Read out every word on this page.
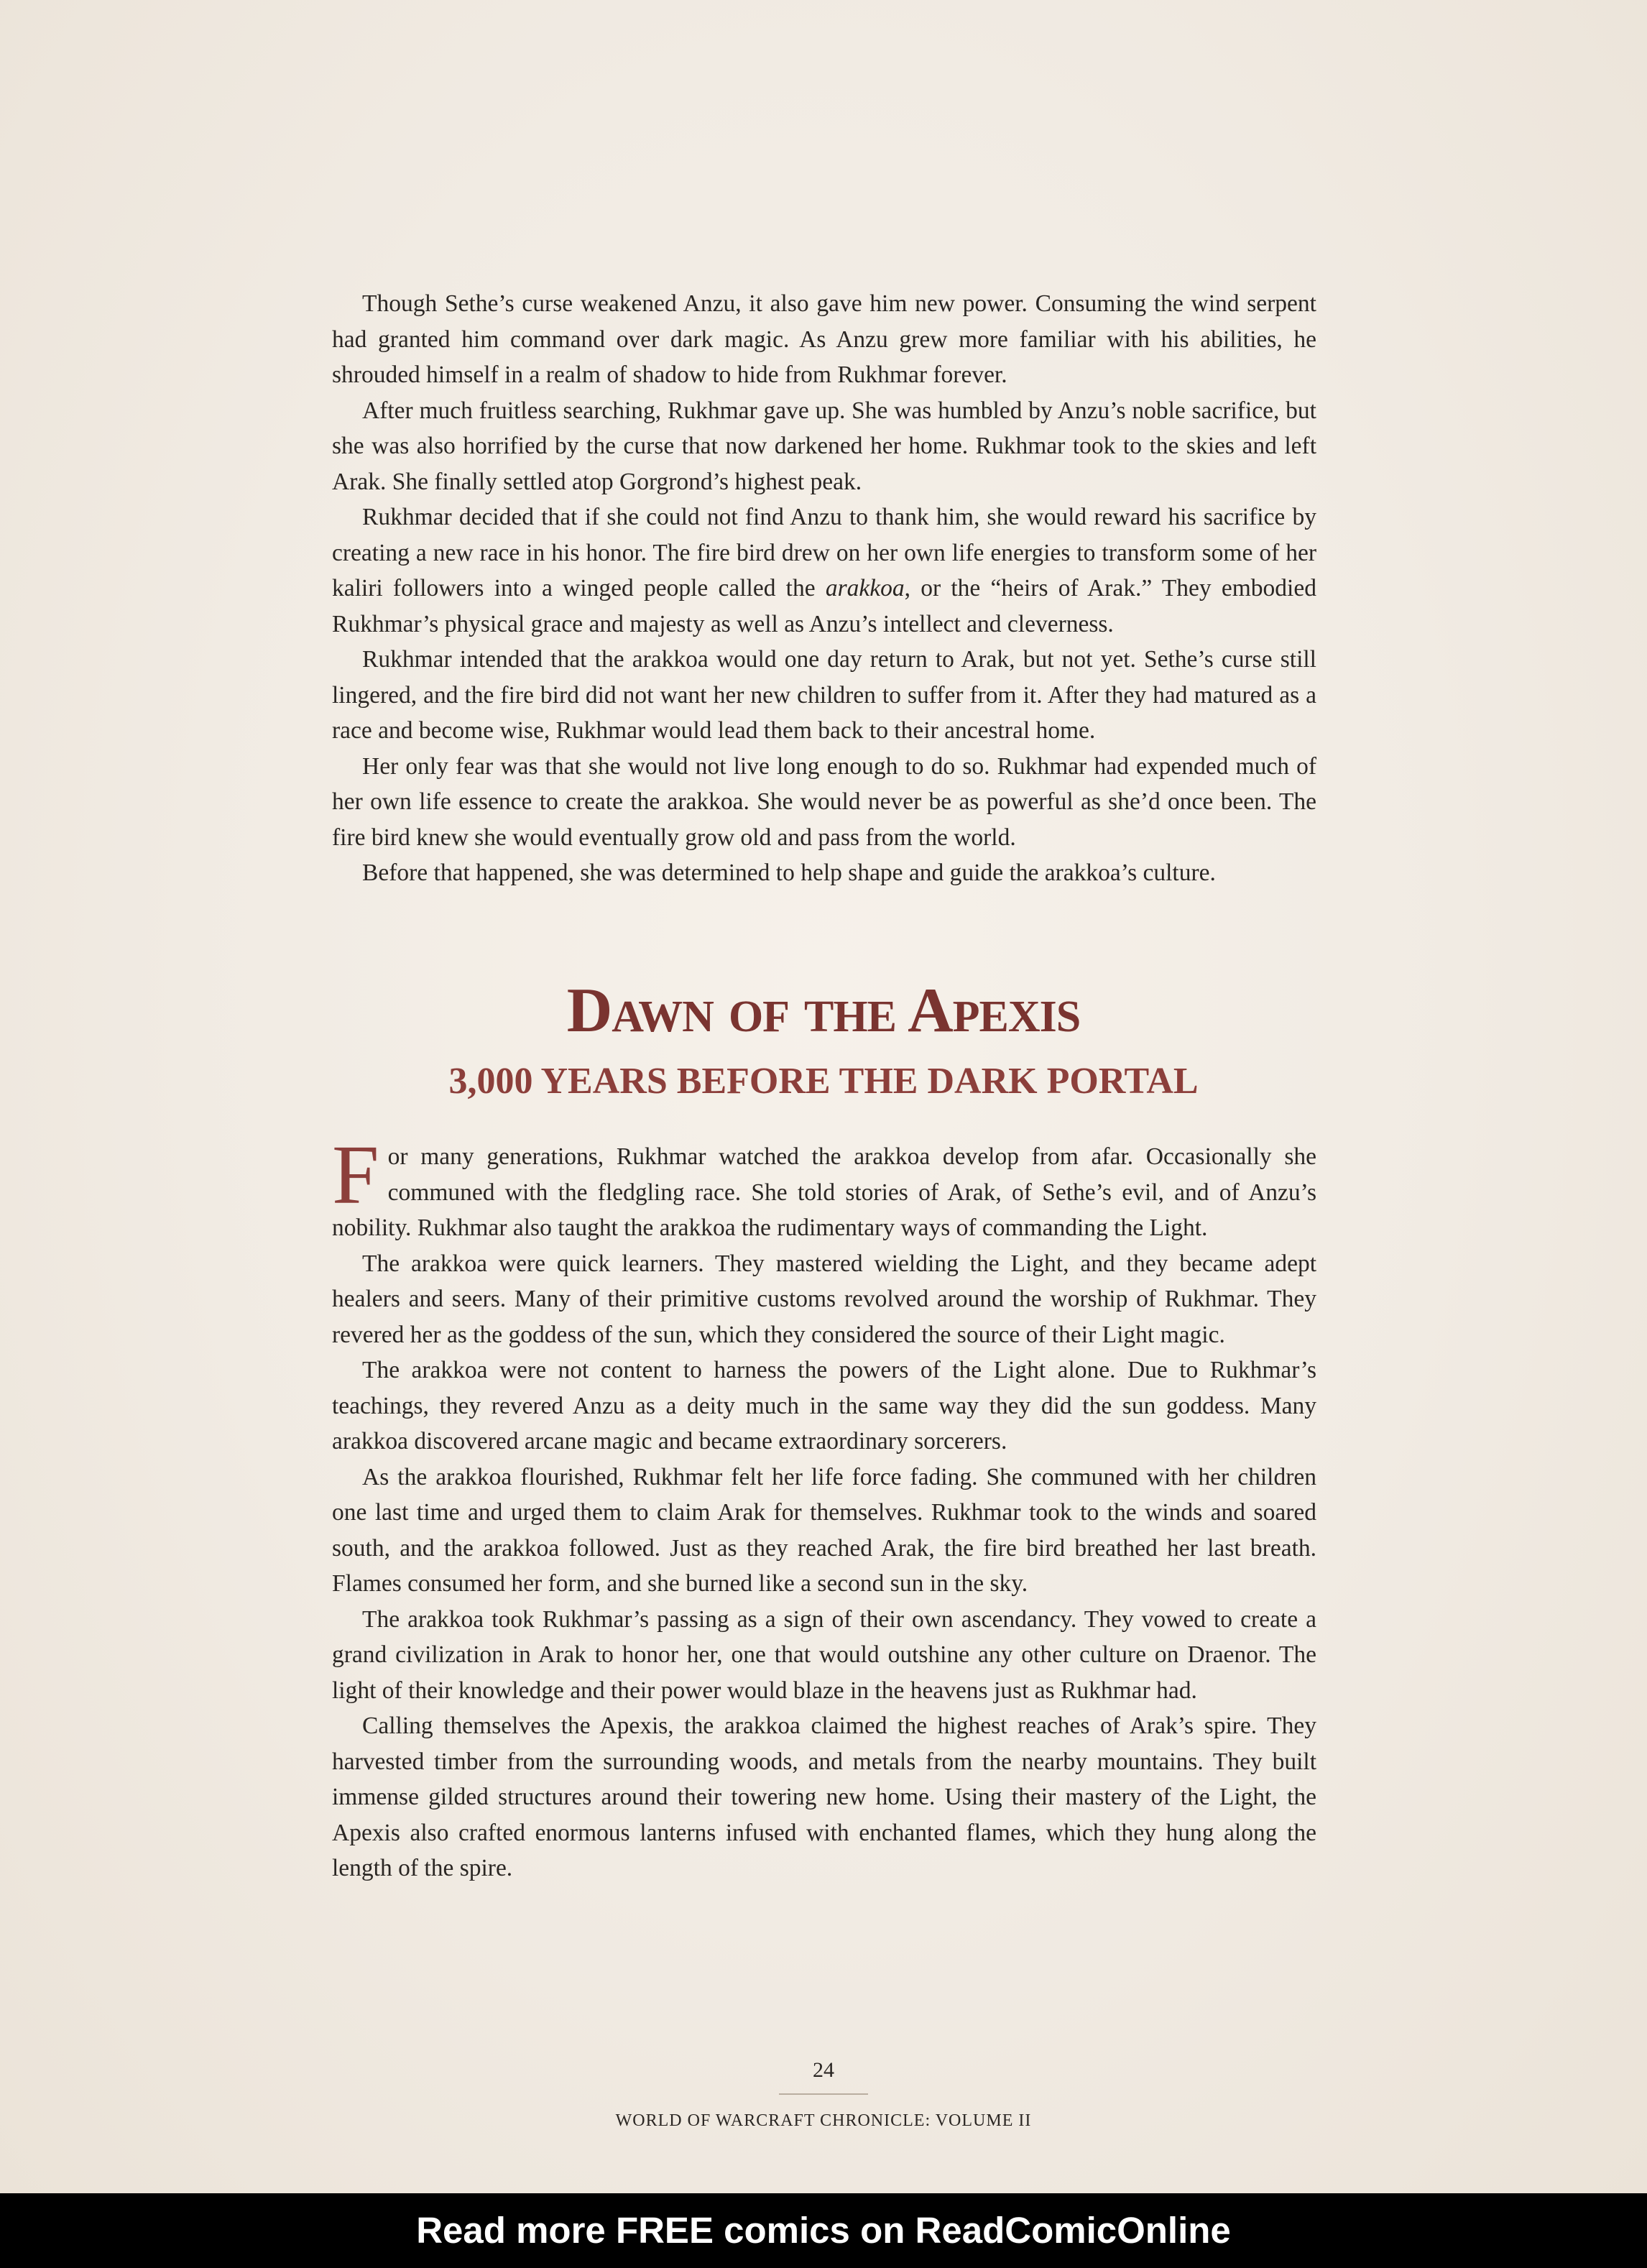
Though Sethe’s curse weakened Anzu, it also gave him new power. Consuming the wind serpent had granted him command over dark magic. As Anzu grew more familiar with his abilities, he shrouded himself in a realm of shadow to hide from Rukhmar forever.

After much fruitless searching, Rukhmar gave up. She was humbled by Anzu’s noble sacrifice, but she was also horrified by the curse that now darkened her home. Rukhmar took to the skies and left Arak. She finally settled atop Gorgrond’s highest peak.

Rukhmar decided that if she could not find Anzu to thank him, she would reward his sacrifice by creating a new race in his honor. The fire bird drew on her own life energies to transform some of her kaliri followers into a winged people called the arakkoa, or the “heirs of Arak.” They embodied Rukhmar’s physical grace and majesty as well as Anzu’s intellect and cleverness.

Rukhmar intended that the arakkoa would one day return to Arak, but not yet. Sethe’s curse still lingered, and the fire bird did not want her new children to suffer from it. After they had matured as a race and become wise, Rukhmar would lead them back to their ancestral home.

Her only fear was that she would not live long enough to do so. Rukhmar had expended much of her own life essence to create the arakkoa. She would never be as powerful as she’d once been. The fire bird knew she would eventually grow old and pass from the world.

Before that happened, she was determined to help shape and guide the arakkoa’s culture.

Dawn of the Apexis
3,000 YEARS BEFORE THE DARK PORTAL

For many generations, Rukhmar watched the arakkoa develop from afar. Occasionally she communed with the fledgling race. She told stories of Arak, of Sethe’s evil, and of Anzu’s nobility. Rukhmar also taught the arakkoa the rudimentary ways of commanding the Light.

The arakkoa were quick learners. They mastered wielding the Light, and they became adept healers and seers. Many of their primitive customs revolved around the worship of Rukhmar. They revered her as the goddess of the sun, which they considered the source of their Light magic.

The arakkoa were not content to harness the powers of the Light alone. Due to Rukhmar’s teachings, they revered Anzu as a deity much in the same way they did the sun goddess. Many arakkoa discovered arcane magic and became extraordinary sorcerers.

As the arakkoa flourished, Rukhmar felt her life force fading. She communed with her children one last time and urged them to claim Arak for themselves. Rukhmar took to the winds and soared south, and the arakkoa followed. Just as they reached Arak, the fire bird breathed her last breath. Flames consumed her form, and she burned like a second sun in the sky.

The arakkoa took Rukhmar’s passing as a sign of their own ascendancy. They vowed to create a grand civilization in Arak to honor her, one that would outshine any other culture on Draenor. The light of their knowledge and their power would blaze in the heavens just as Rukhmar had.

Calling themselves the Apexis, the arakkoa claimed the highest reaches of Arak’s spire. They harvested timber from the surrounding woods, and metals from the nearby mountains. They built immense gilded structures around their towering new home. Using their mastery of the Light, the Apexis also crafted enormous lanterns infused with enchanted flames, which they hung along the length of the spire.

24
WORLD OF WARCRAFT CHRONICLE: VOLUME II
Read more FREE comics on ReadComicOnline
